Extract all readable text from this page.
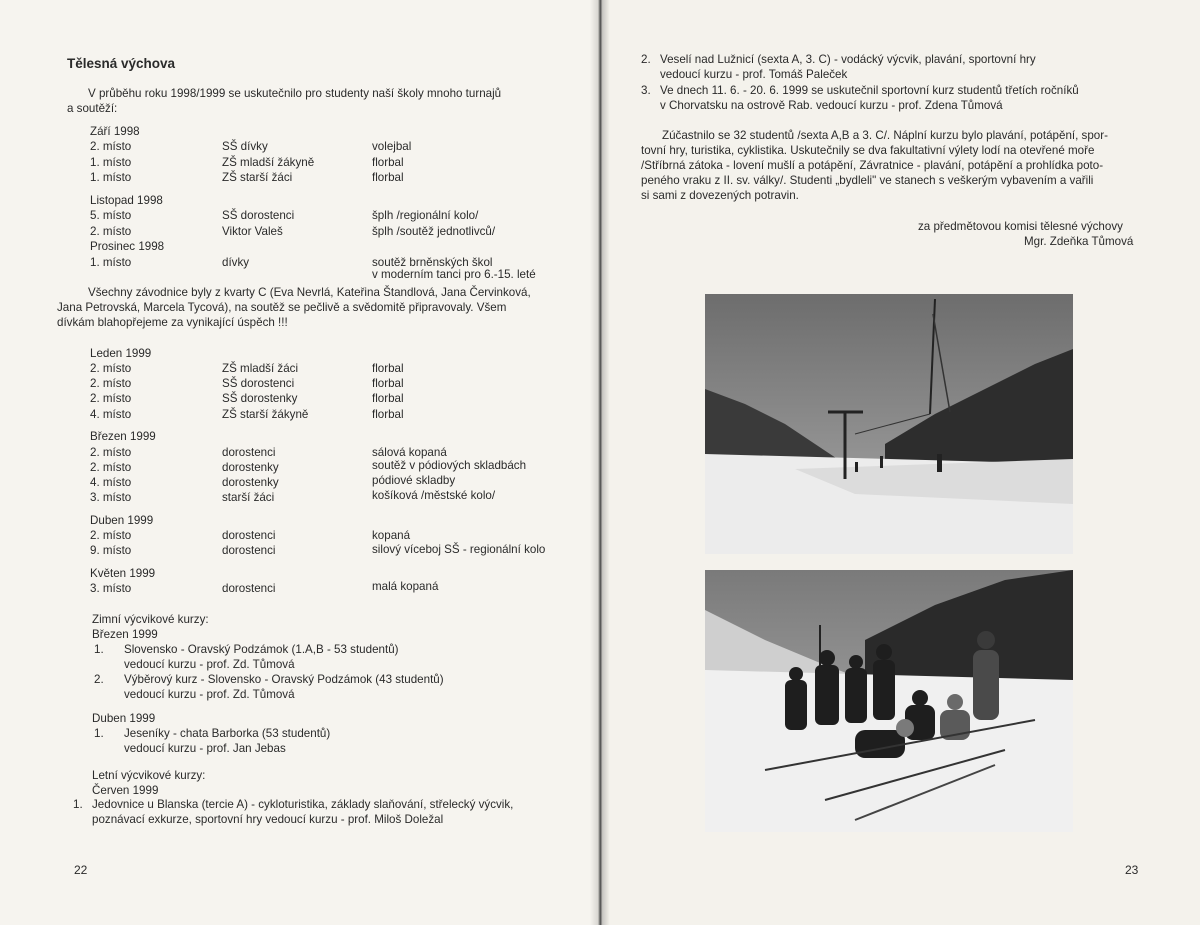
Tělesná výchova
V průběhu roku 1998/1999 se uskutečnilo pro studenty naší školy mnoho turnajů
a soutěží:
Září 1998
2. místo	SŠ dívky	volejbal
1. místo	ZŠ mladší žákyně	florbal
1. místo	ZŠ starší žáci	florbal
Listopad 1998
5. místo	SŠ dorostenci	šplh /regionální kolo/
2. místo	Viktor Valeš	šplh /soutěž jednotlivců/
Prosinec 1998
1. místo	dívky	soutěž brněnských škol
v moderním tanci pro 6.-15. leté
Všechny závodnice byly z kvarty C (Eva Nevrlá, Kateřina Štandlová, Jana Červinková,
Jana Petrovská, Marcela Tycová), na soutěž se pečlivě a svědomitě připravovaly. Všem
dívkám blahopřejeme za vynikající úspěch !!!
Leden 1999
2. místo	ZŠ mladší žáci	florbal
2. místo	SŠ dorostenci	florbal
2. místo	SŠ dorostenky	florbal
4. místo	ZŠ starší žákyně	florbal
Březen 1999
2. místo	dorostenci	sálová kopaná
2. místo	dorostenky	soutěž v pódiových skladbách
4. místo	dorostenky	pódiové skladby
3. místo	starší žáci	košíková /městské kolo/
Duben 1999
2. místo	dorostenci	kopaná
9. místo	dorostenci	silový víceboj SŠ - regionální kolo
Květen 1999
3. místo	dorostenci	malá kopaná
Zimní výcvikové kurzy:
Březen 1999
1. Slovensko - Oravský Podzámok (1.A,B - 53 studentů)
vedoucí kurzu - prof. Zd. Tůmová
2. Výběrový kurz - Slovensko - Oravský Podzámok (43 studentů)
vedoucí kurzu - prof. Zd. Tůmová
Duben 1999
1. Jeseníky - chata Barborka (53 studentů)
vedoucí kurzu - prof. Jan Jebas
Letní výcvikové kurzy:
Červen 1999
1. Jedovnice u Blanska (tercie A) - cykloturistika, základy slaňování, střelecký výcvik,
poznávací exkurze, sportovní hry vedoucí kurzu - prof. Miloš Doležal
22
2. Veselí nad Lužnicí (sexta A, 3. C) - vodácký výcvik, plavání, sportovní hry
vedoucí kurzu - prof. Tomáš Paleček
3. Ve dnech 11. 6. - 20. 6. 1999 se uskutečnil sportovní kurz studentů třetích ročníků
v Chorvatsku na ostrově Rab. vedoucí kurzu - prof. Zdena Tůmová
Zúčastnilo se 32 studentů /sexta A,B a 3. C/. Náplní kurzu bylo plavání, potápění, spor-
tovní hry, turistika, cyklistika. Uskutečnily se dva fakultativní výlety lodí na otevřené moře
/Stříbrná zátoka - lovení mušlí a potápění, Závratnice - plavání, potápění a prohlídka poto-
peného vraku z II. sv. války/. Studenti „bydleli" ve stanech s veškerým vybavením a vařili
si sami z dovezených potravin.
za předmětovou komisi tělesné výchovy
Mgr. Zdeňka Tůmová
23
